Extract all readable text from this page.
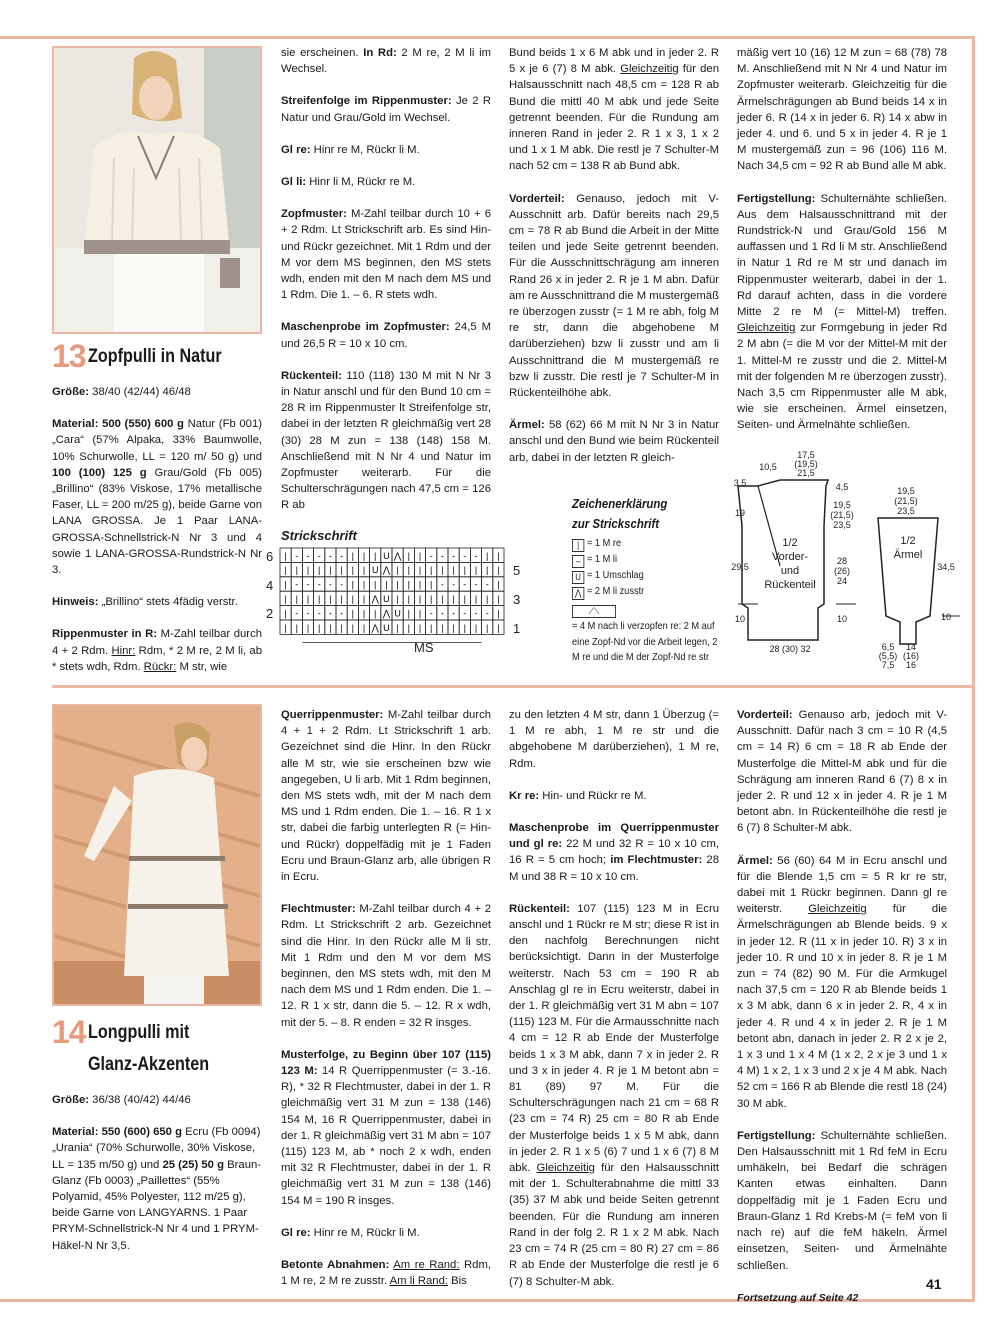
13 Zopfpulli in Natur

Größe: 38/40 (42/44) 46/48

Material: 500 (550) 600 g Natur (Fb 001) „Cara“ (57% Alpaka, 33% Baumwolle, 10% Schurwolle, LL = 120 m/ 50 g) und 100 (100) 125 g Grau/Gold (Fb 005) „Brillino“ (83% Viskose, 17% metallische Faser, LL = 200 m/25 g), beide Garne von LANA GROSSA. Je 1 Paar LANA-GROSSA-Schnellstrick-N Nr 3 und 4 sowie 1 LANA-GROSSA-Rundstrick-N Nr 3.

Hinweis: „Brillino“ stets 4fädig verstr.

Rippenmuster in R: M-Zahl teilbar durch 4 + 2 Rdm. Hinr: Rdm, * 2 M re, 2 M li, ab * stets wdh, Rdm. Rückr: M str, wie

sie erscheinen. In Rd: 2 M re, 2 M li im Wechsel.

Streifenfolge im Rippenmuster: Je 2 R Natur und Grau/Gold im Wechsel.

Gl re: Hinr re M, Rückr li M.

Gl li: Hinr li M, Rückr re M.

Zopfmuster: M-Zahl teilbar durch 10 + 6 + 2 Rdm. Lt Strickschrift arb. Es sind Hin- und Rückr gezeichnet. Mit 1 Rdm und der M vor dem MS beginnen, den MS stets wdh, enden mit den M nach dem MS und 1 Rdm. Die 1. – 6. R stets wdh.

Maschenprobe im Zopfmuster: 24,5 M und 26,5 R = 10 x 10 cm.

Rückenteil: 110 (118) 130 M mit N Nr 3 in Natur anschl und für den Bund 10 cm = 28 R im Rippenmuster lt Streifenfolge str, dabei in der letzten R gleichmäßig vert 28 (30) 28 M zun = 138 (148) 158 M. Anschließend mit N Nr 4 und Natur im Zopfmuster weiterarb. Für die Schulterschrägungen nach 47,5 cm = 126 R ab

Bund beids 1 x 6 M abk und in jeder 2. R 5 x je 6 (7) 8 M abk. Gleichzeitig für den Halsausschnitt nach 48,5 cm = 128 R ab Bund die mittl 40 M abk und jede Seite getrennt beenden. Für die Rundung am inneren Rand in jeder 2. R 1 x 3, 1 x 2 und 1 x 1 M abk. Die restl je 7 Schulter-M nach 52 cm = 138 R ab Bund abk.

Vorderteil: Genauso, jedoch mit V-Ausschnitt arb. Dafür bereits nach 29,5 cm = 78 R ab Bund die Arbeit in der Mitte teilen und jede Seite getrennt beenden. Für die Ausschnittschrägung am inneren Rand 26 x in jeder 2. R je 1 M abn. Dafür am re Ausschnittrand die M mustergemäß re überzogen zusstr (= 1 M re abh, folg M re str, dann die abgehobene M darüberziehen) bzw li zusstr und am li Ausschnittrand die M mustergemäß re bzw li zusstr. Die restl je 7 Schulter-M in Rückenteilhöhe abk.

Ärmel: 58 (62) 66 M mit N Nr 3 in Natur anschl und den Bund wie beim Rückenteil arb, dabei in der letzten R gleich-

mäßig vert 10 (16) 12 M zun = 68 (78) 78 M. Anschließend mit N Nr 4 und Natur im Zopfmuster weiterarb. Gleichzeitig für die Ärmelschrägungen ab Bund beids 14 x in jeder 6. R (14 x in jeder 6. R) 14 x abw in jeder 4. und 6. und 5 x in jeder 4. R je 1 M mustergemäß zun = 96 (106) 116 M. Nach 34,5 cm = 92 R ab Bund alle M abk.

Fertigstellung: Schulternähte schließen. Aus dem Halsausschnittrand mit der Rundstrick-N und Grau/Gold 156 M auffassen und 1 Rd li M str. Anschließend in Natur 1 Rd re M str und danach im Rippenmuster weiterarb, dabei in der 1. Rd darauf achten, dass in die vordere Mitte 2 re M (= Mittel-M) treffen. Gleichzeitig zur Formgebung in jeder Rd 2 M abn (= die M vor der Mittel-M mit der 1. Mittel-M re zusstr und die 2. Mittel-M mit der folgenden M re überzogen zusstr). Nach 3,5 cm Rippenmuster alle M abk, wie sie erscheinen. Ärmel einsetzen, Seiten- und Ärmelnähte schließen.

Strickschrift
6
4
2
5
3
1
MS
| - - - - - | | | U ⋀ | | - - - - - | |
| | | | | | | | U ⋀ | | | | | | | | | |
| - - - - - | | | | | | | | - - - - - |
| | | | | | | | ⋀ U | | | | | | | | | |
| - - - - - | | | ⋀ U | | - - - - - - |
| | | | | | | | ⋀ U | | | | | | | | | |
Zeichenerklärung
zur Strickschrift
| = 1 M re
– = 1 M li
U = 1 Umschlag
⋀ = 2 M li zusstr
⟋⟍
= 4 M nach li verzopfen re: 2 M auf eine Zopf-Nd vor die Arbeit legen, 2 M re und die M der Zopf-Nd re str
17,5
(19,5)
21,5
10,5
3,5	4,5
19
19,5
(21,5)
23,5
29,5
28
(26)
24
10	10
28 (30) 32
1/2
Vorder-
und
Rückenteil
19,5
(21,5)
23,5
34,5
10
6,5
(5,5)
7,5
14
(16)
16
1/2
Ärmel
14 Longpulli mit
Glanz-Akzenten

Größe: 36/38 (40/42) 44/46

Material: 550 (600) 650 g Ecru (Fb 0094) „Urania“ (70% Schurwolle, 30% Viskose, LL = 135 m/50 g) und 25 (25) 50 g Braun-Glanz (Fb 0003) „Paillettes“ (55% Polyamid, 45% Polyester, 112 m/25 g), beide Garne von LANGYARNS. 1 Paar PRYM-Schnellstrick-N Nr 4 und 1 PRYM-Häkel-N Nr 3,5.

Querrippenmuster: M-Zahl teilbar durch 4 + 1 + 2 Rdm. Lt Strickschrift 1 arb. Gezeichnet sind die Hinr. In den Rückr alle M str, wie sie erscheinen bzw wie angegeben, U li arb. Mit 1 Rdm beginnen, den MS stets wdh, mit der M nach dem MS und 1 Rdm enden. Die 1. – 16. R 1 x str, dabei die farbig unterlegten R (= Hin- und Rückr) doppelfädig mit je 1 Faden Ecru und Braun-Glanz arb, alle übrigen R in Ecru.

Flechtmuster: M-Zahl teilbar durch 4 + 2 Rdm. Lt Strickschrift 2 arb. Gezeichnet sind die Hinr. In den Rückr alle M li str. Mit 1 Rdm und den M vor dem MS beginnen, den MS stets wdh, mit den M nach dem MS und 1 Rdm enden. Die 1. – 12. R 1 x str, dann die 5. – 12. R x wdh, mit der 5. – 8. R enden = 32 R insges.

Musterfolge, zu Beginn über 107 (115) 123 M: 14 R Querrippenmuster (= 3.-16. R), * 32 R Flechtmuster, dabei in der 1. R gleichmäßig vert 31 M zun = 138 (146) 154 M, 16 R Querrippenmuster, dabei in der 1. R gleichmäßig vert 31 M abn = 107 (115) 123 M, ab * noch 2 x wdh, enden mit 32 R Flechtmuster, dabei in der 1. R gleichmäßig vert 31 M zun = 138 (146) 154 M = 190 R insges.

Gl re: Hinr re M, Rückr li M.

Betonte Abnahmen: Am re Rand: Rdm, 1 M re, 2 M re zusstr. Am li Rand: Bis

zu den letzten 4 M str, dann 1 Überzug (= 1 M re abh, 1 M re str und die abgehobene M darüberziehen), 1 M re, Rdm.

Kr re: Hin- und Rückr re M.

Maschenprobe im Querrippenmuster und gl re: 22 M und 32 R = 10 x 10 cm, 16 R = 5 cm hoch; im Flechtmuster: 28 M und 38 R = 10 x 10 cm.

Rückenteil: 107 (115) 123 M in Ecru anschl und 1 Rückr re M str; diese R ist in den nachfolg Berechnungen nicht berücksichtigt. Dann in der Musterfolge weiterstr. Nach 53 cm = 190 R ab Anschlag gl re in Ecru weiterstr, dabei in der 1. R gleichmäßig vert 31 M abn = 107 (115) 123 M. Für die Armausschnitte nach 4 cm = 12 R ab Ende der Musterfolge beids 1 x 3 M abk, dann 7 x in jeder 2. R und 3 x in jeder 4. R je 1 M betont abn = 81 (89) 97 M. Für die Schulterschrägungen nach 21 cm = 68 R (23 cm = 74 R) 25 cm = 80 R ab Ende der Musterfolge beids 1 x 5 M abk, dann in jeder 2. R 1 x 5 (6) 7 und 1 x 6 (7) 8 M abk. Gleichzeitig für den Halsausschnitt mit der 1. Schulterabnahme die mittl 33 (35) 37 M abk und beide Seiten getrennt beenden. Für die Rundung am inneren Rand in der folg 2. R 1 x 2 M abk. Nach 23 cm = 74 R (25 cm = 80 R) 27 cm = 86 R ab Ende der Musterfolge die restl je 6 (7) 8 Schulter-M abk.

Vorderteil: Genauso arb, jedoch mit V-Ausschnitt. Dafür nach 3 cm = 10 R (4,5 cm = 14 R) 6 cm = 18 R ab Ende der Musterfolge die Mittel-M abk und für die Schrägung am inneren Rand 6 (7) 8 x in jeder 2. R und 12 x in jeder 4. R je 1 M betont abn. In Rückenteilhöhe die restl je 6 (7) 8 Schulter-M abk.

Ärmel: 56 (60) 64 M in Ecru anschl und für die Blende 1,5 cm = 5 R kr re str, dabei mit 1 Rückr beginnen. Dann gl re weiterstr. Gleichzeitig für die Ärmelschrägungen ab Blende beids. 9 x in jeder 12. R (11 x in jeder 10. R) 3 x in jeder 10. R und 10 x in jeder 8. R je 1 M zun = 74 (82) 90 M. Für die Armkugel nach 37,5 cm = 120 R ab Blende beids 1 x 3 M abk, dann 6 x in jeder 2. R, 4 x in jeder 4. R und 4 x in jeder 2. R je 1 M betont abn, danach in jeder 2. R 2 x je 2, 1 x 3 und 1 x 4 M (1 x 2, 2 x je 3 und 1 x 4 M) 1 x 2, 1 x 3 und 2 x je 4 M abk. Nach 52 cm = 166 R ab Blende die restl 18 (24) 30 M abk.

Fertigstellung: Schulternähte schließen. Den Halsausschnitt mit 1 Rd feM in Ecru umhäkeln, bei Bedarf die schrägen Kanten etwas einhalten. Dann doppelfädig mit je 1 Faden Ecru und Braun-Glanz 1 Rd Krebs-M (= feM von li nach re) auf die feM häkeln. Ärmel einsetzen, Seiten- und Ärmelnähte schließen.

Fortsetzung auf Seite 42

41
